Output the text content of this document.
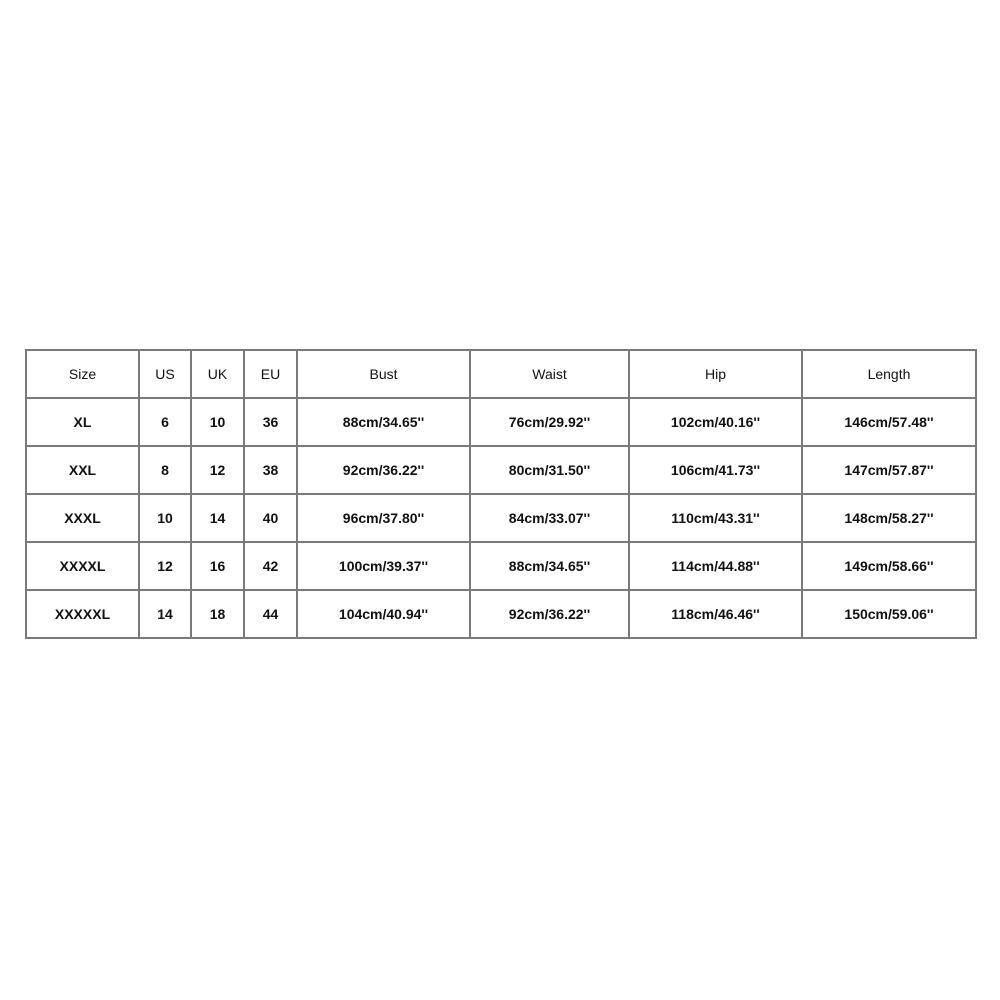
Size	US	UK	EU	Bust	Waist	Hip	Length
XL	6	10	36	88cm/34.65''	76cm/29.92''	102cm/40.16''	146cm/57.48''
XXL	8	12	38	92cm/36.22''	80cm/31.50''	106cm/41.73''	147cm/57.87''
XXXL	10	14	40	96cm/37.80''	84cm/33.07''	110cm/43.31''	148cm/58.27''
XXXXL	12	16	42	100cm/39.37''	88cm/34.65''	114cm/44.88''	149cm/58.66''
XXXXXL	14	18	44	104cm/40.94''	92cm/36.22''	118cm/46.46''	150cm/59.06''
